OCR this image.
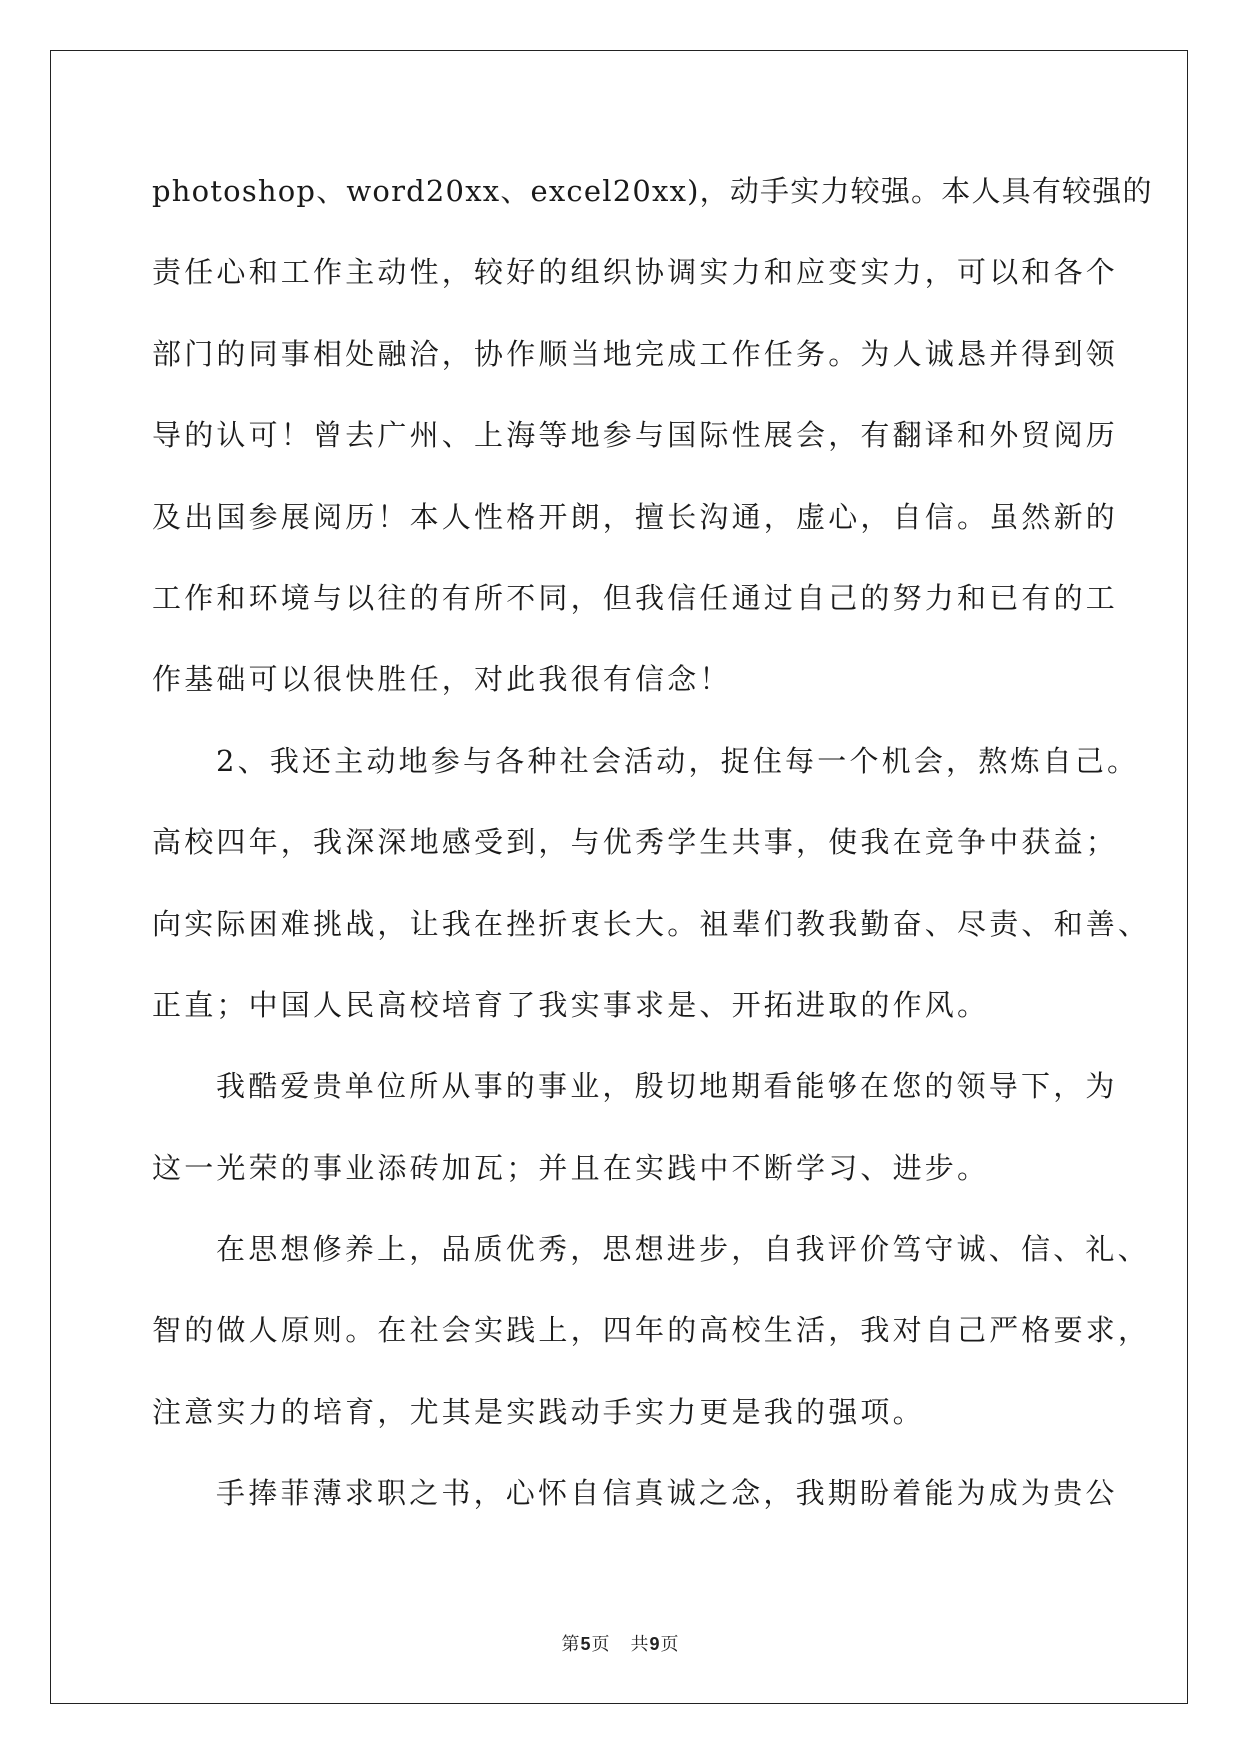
photoshop、word20xx、excel20xx)，动手实力较强。本人具有较强的
责任心和工作主动性，较好的组织协调实力和应变实力，可以和各个
部门的同事相处融洽，协作顺当地完成工作任务。为人诚恳并得到领
导的认可！曾去广州、上海等地参与国际性展会，有翻译和外贸阅历
及出国参展阅历！本人性格开朗，擅长沟通，虚心，自信。虽然新的
工作和环境与以往的有所不同，但我信任通过自己的努力和已有的工
作基础可以很快胜任，对此我很有信念！
2、我还主动地参与各种社会活动，捉住每一个机会，熬炼自己。
高校四年，我深深地感受到，与优秀学生共事，使我在竞争中获益；
向实际困难挑战，让我在挫折衷长大。祖辈们教我勤奋、尽责、和善、
正直；中国人民高校培育了我实事求是、开拓进取的作风。
我酷爱贵单位所从事的事业，殷切地期看能够在您的领导下，为
这一光荣的事业添砖加瓦；并且在实践中不断学习、进步。
在思想修养上，品质优秀，思想进步，自我评价笃守诚、信、礼、
智的做人原则。在社会实践上，四年的高校生活，我对自己严格要求，
注意实力的培育，尤其是实践动手实力更是我的强项。
手捧菲薄求职之书，心怀自信真诚之念，我期盼着能为成为贵公
第5页 共9页
